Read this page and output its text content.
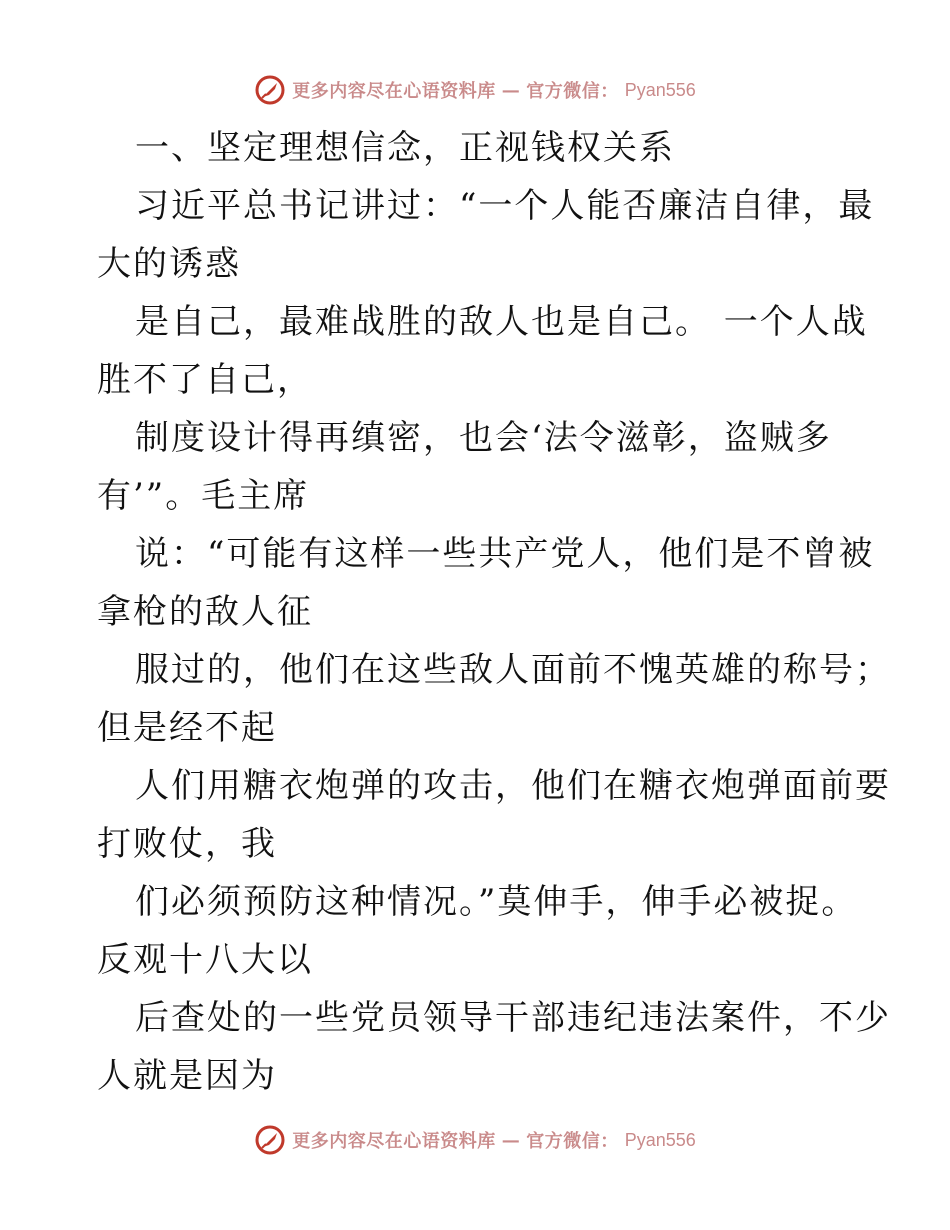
更多内容尽在心语资料库 — 官方微信： Pyan556
一、坚定理想信念，正视钱权关系
习近平总书记讲过：“一个人能否廉洁自律，最
大的诱惑
是自己，最难战胜的敌人也是自己。 一个人战
胜不了自己，
制度设计得再缜密，也会‘法令滋彰，盗贼多
有’”。毛主席
说：“可能有这样一些共产党人，他们是不曾被
拿枪的敌人征
服过的，他们在这些敌人面前不愧英雄的称号；
但是经不起
人们用糖衣炮弹的攻击，他们在糖衣炮弹面前要
打败仗，我
们必须预防这种情况。”莫伸手，伸手必被捉。
反观十八大以
后查处的一些党员领导干部违纪违法案件，不少
人就是因为
更多内容尽在心语资料库 — 官方微信： Pyan556
